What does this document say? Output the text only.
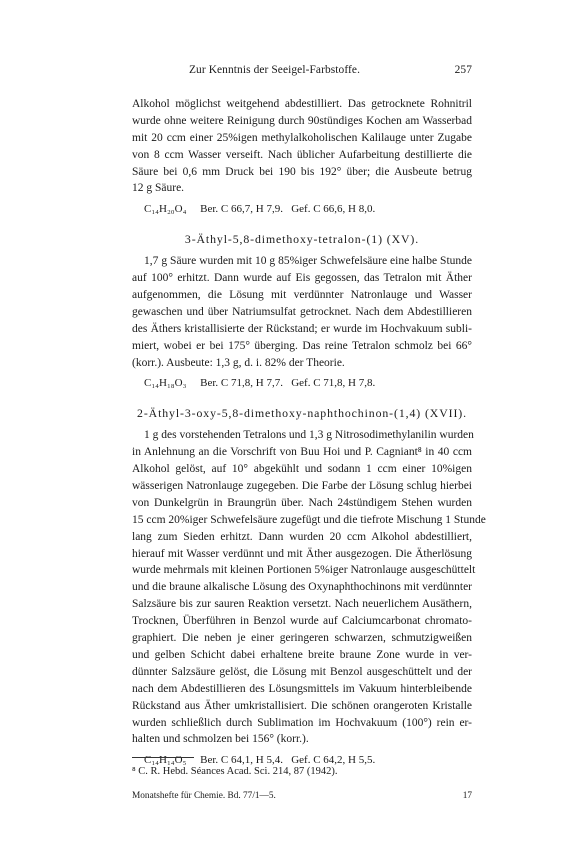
Zur Kenntnis der Seeigel-Farbstoffe.	257
Alkohol möglichst weitgehend abdestilliert. Das getrocknete Rohnitril
wurde ohne weitere Reinigung durch 90stündiges Kochen am Wasserbad
mit 20 ccm einer 25%igen methylalkoholischen Kalilauge unter Zugabe
von 8 ccm Wasser verseift. Nach üblicher Aufarbeitung destillierte die
Säure bei 0,6 mm Druck bei 190 bis 192° über; die Ausbeute betrug
12 g Säure.
C₁₄H₂₀O₄     Ber. C 66,7, H 7,9.   Gef. C 66,6, H 8,0.
3-Äthyl-5,8-dimethoxy-tetralon-(1) (XV).
1,7 g Säure wurden mit 10 g 85%iger Schwefelsäure eine halbe Stunde
auf 100° erhitzt. Dann wurde auf Eis gegossen, das Tetralon mit Äther
aufgenommen, die Lösung mit verdünnter Natronlauge und Wasser
gewaschen und über Natriumsulfat getrocknet. Nach dem Abdestillieren
des Äthers kristallisierte der Rückstand; er wurde im Hochvakuum subli-
miert, wobei er bei 175° überging. Das reine Tetralon schmolz bei 66°
(korr.). Ausbeute: 1,3 g, d. i. 82% der Theorie.
C₁₄H₁₈O₃     Ber. C 71,8, H 7,7.   Gef. C 71,8, H 7,8.
2-Äthyl-3-oxy-5,8-dimethoxy-naphthochinon-(1,4) (XVII).
1 g des vorstehenden Tetralons und 1,3 g Nitrosodimethylanilin wurden
in Anlehnung an die Vorschrift von Buu Hoi und P. Cagniant⁸ in 40 ccm
Alkohol gelöst, auf 10° abgekühlt und sodann 1 ccm einer 10%igen
wässerigen Natronlauge zugegeben. Die Farbe der Lösung schlug hierbei
von Dunkelgrün in Braungrün über. Nach 24stündigem Stehen wurden
15 ccm 20%iger Schwefelsäure zugefügt und die tiefrote Mischung 1 Stunde
lang zum Sieden erhitzt. Dann wurden 20 ccm Alkohol abdestilliert,
hierauf mit Wasser verdünnt und mit Äther ausgezogen. Die Ätherlösung
wurde mehrmals mit kleinen Portionen 5%iger Natronlauge ausgeschüttelt
und die braune alkalische Lösung des Oxynaphthochinons mit verdünnter
Salzsäure bis zur sauren Reaktion versetzt. Nach neuerlichem Ausäthern,
Trocknen, Überführen in Benzol wurde auf Calciumcarbonat chromato-
graphiert. Die neben je einer geringeren schwarzen, schmutzigweißen
und gelben Schicht dabei erhaltene breite braune Zone wurde in ver-
dünnter Salzsäure gelöst, die Lösung mit Benzol ausgeschüttelt und der
nach dem Abdestillieren des Lösungsmittels im Vakuum hinterbleibende
Rückstand aus Äther umkristallisiert. Die schönen orangeroten Kristalle
wurden schließlich durch Sublimation im Hochvakuum (100°) rein er-
halten und schmolzen bei 156° (korr.).
C₁₄H₁₄O₅     Ber. C 64,1, H 5,4.   Gef. C 64,2, H 5,5.
⁸ C. R. Hebd. Séances Acad. Sci. 214, 87 (1942).
Monatshefte für Chemie. Bd. 77/1—5.	17
